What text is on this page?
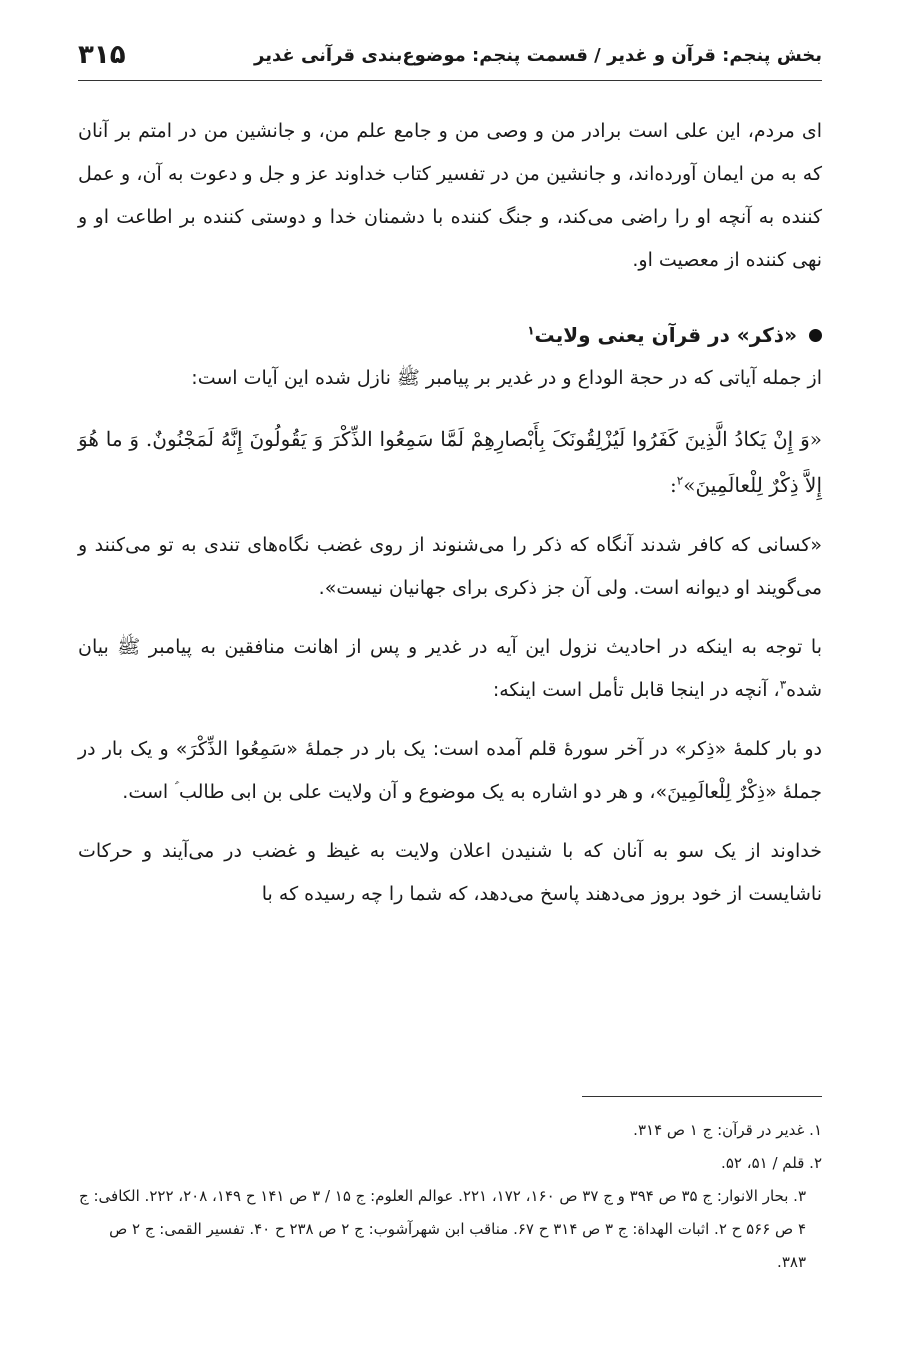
بخش پنجم: قرآن و غدیر / قسمت پنجم: موضوع‌بندی قرآنی غدیر
۳۱۵

ای مردم، این علی است برادر من و وصی من و جامع علم من، و جانشین من در امتم بر آنان که به من ایمان آورده‌اند، و جانشین من در تفسیر کتاب خداوند عز و جل و دعوت به آن، و عمل کننده به آنچه او را راضی می‌کند، و جنگ کننده با دشمنان خدا و دوستی کننده بر اطاعت او و نهی کننده از معصیت او.

«ذکر» در قرآن یعنی ولایت$^۱$

از جمله آیاتی که در حجة الوداع و در غدیر بر پیامبر ﷺ نازل شده این آیات است:

«وَ إِنْ یَکادُ الَّذِینَ کَفَرُوا لَیُزْلِقُونَکَ بِأَبْصارِهِمْ لَمَّا سَمِعُوا الذِّکْرَ وَ یَقُولُونَ إِنَّهُ لَمَجْنُونٌ. وَ ما هُوَ إِلاَّ ذِکْرٌ لِلْعالَمِینَ»$^۲$:

«کسانی که کافر شدند آنگاه که ذکر را می‌شنوند از روی غضب نگاه‌های تندی به تو می‌کنند و می‌گویند او دیوانه است. ولی آن جز ذکری برای جهانیان نیست».

با توجه به اینکه در احادیث نزول این آیه در غدیر و پس از اهانت منافقین به پیامبر ﷺ بیان شده$^۳$، آنچه در اینجا قابل تأمل است اینکه:

دو بار کلمهٔ «ذِکر» در آخر سورهٔ قلم آمده است: یک بار در جملهٔ «سَمِعُوا الذِّکْرَ» و یک بار در جملهٔ «ذِکْرٌ لِلْعالَمِینَ»، و هر دو اشاره به یک موضوع و آن ولایت علی بن ابی طالب ؑ است.

خداوند از یک سو به آنان که با شنیدن اعلان ولایت به غیظ و غضب در می‌آیند و حرکات ناشایست از خود بروز می‌دهند پاسخ می‌دهد، که شما را چه رسیده که با

۱. غدیر در قرآن: ج ۱ ص ۳۱۴.
۲. قلم / ۵۱، ۵۲.
۳. بحار الانوار: ج ۳۵ ص ۳۹۴ و ج ۳۷ ص ۱۶۰، ۱۷۲، ۲۲۱. عوالم العلوم: ج ۱۵ / ۳ ص ۱۴۱ ح ۱۴۹، ۲۰۸، ۲۲۲. الکافی: ج ۴ ص ۵۶۶ ح ۲. اثبات الهداة: ج ۳ ص ۳۱۴ ح ۶۷. مناقب ابن شهرآشوب: ج ۲ ص ۲۳۸ ح ۴۰. تفسیر القمی: ج ۲ ص ۳۸۳.
